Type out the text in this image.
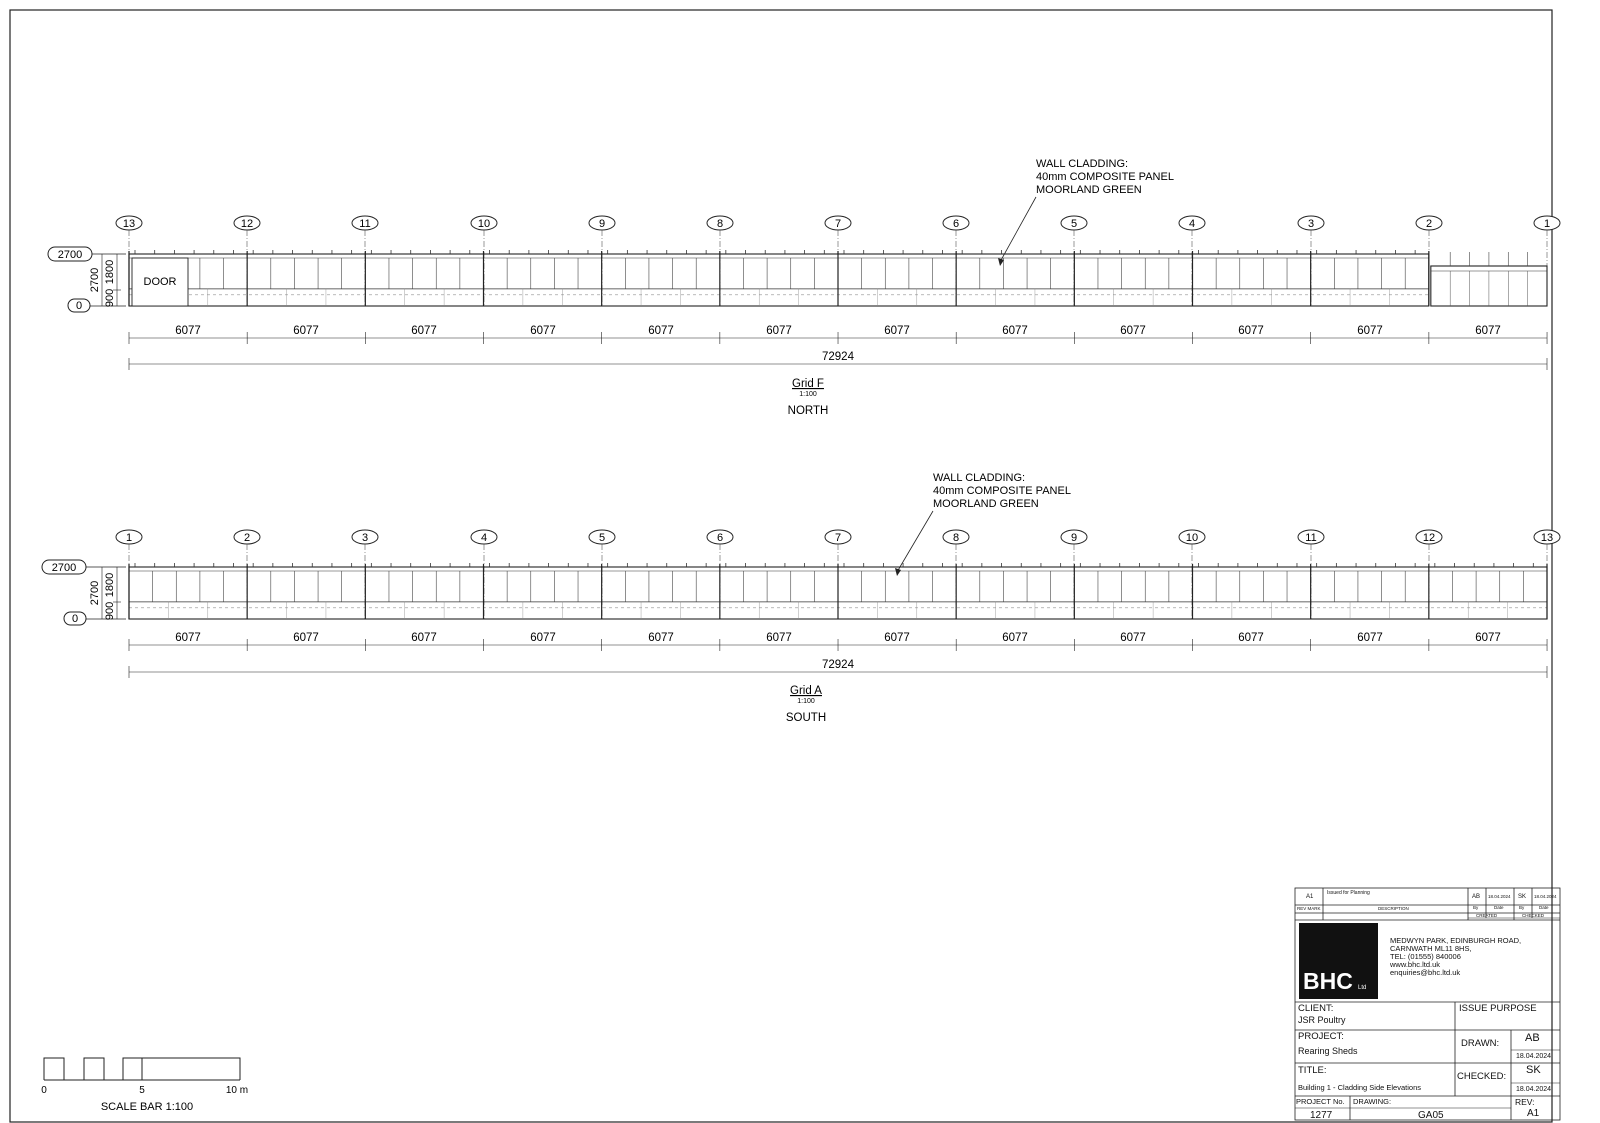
13	12	11	10	9	8	7	6	5	4	3	2	1
2700
0
2700 1800
900
DOOR
WALL CLADDING:
40mm COMPOSITE PANEL
MOORLAND GREEN
6077	6077	6077	6077	6077	6077	6077	6077	6077	6077	6077	6077
72924
Grid F
1:100
NORTH
1	2	3	4	5	6	7	8	9	10	11	12	13
2700
0
2700 1800
900
WALL CLADDING:
40mm COMPOSITE PANEL
MOORLAND GREEN
6077	6077	6077	6077	6077	6077	6077	6077	6077	6077	6077	6077
72924
Grid A
1:100
SOUTH
0	5	10 m
SCALE BAR 1:100
A1
Issued for Planning
AB 18.04.2024 SK 18.04.2024
REV MARK	DESCRIPTION	By	Date	By	Date
CREATED	CHECKED
BHC Ltd
MEDWYN PARK, EDINBURGH ROAD,
CARNWATH ML11 8HS,
TEL: (01555) 840006
www.bhc.ltd.uk
enquiries@bhc.ltd.uk
CLIENT:
JSR Poultry
ISSUE PURPOSE
PROJECT:
Rearing Sheds
DRAWN: AB
18.04.2024
TITLE:
Building 1 - Cladding Side Elevations
CHECKED:
SK
18.04.2024
PROJECT No.
1277
DRAWING:
GA05
REV:
A1
